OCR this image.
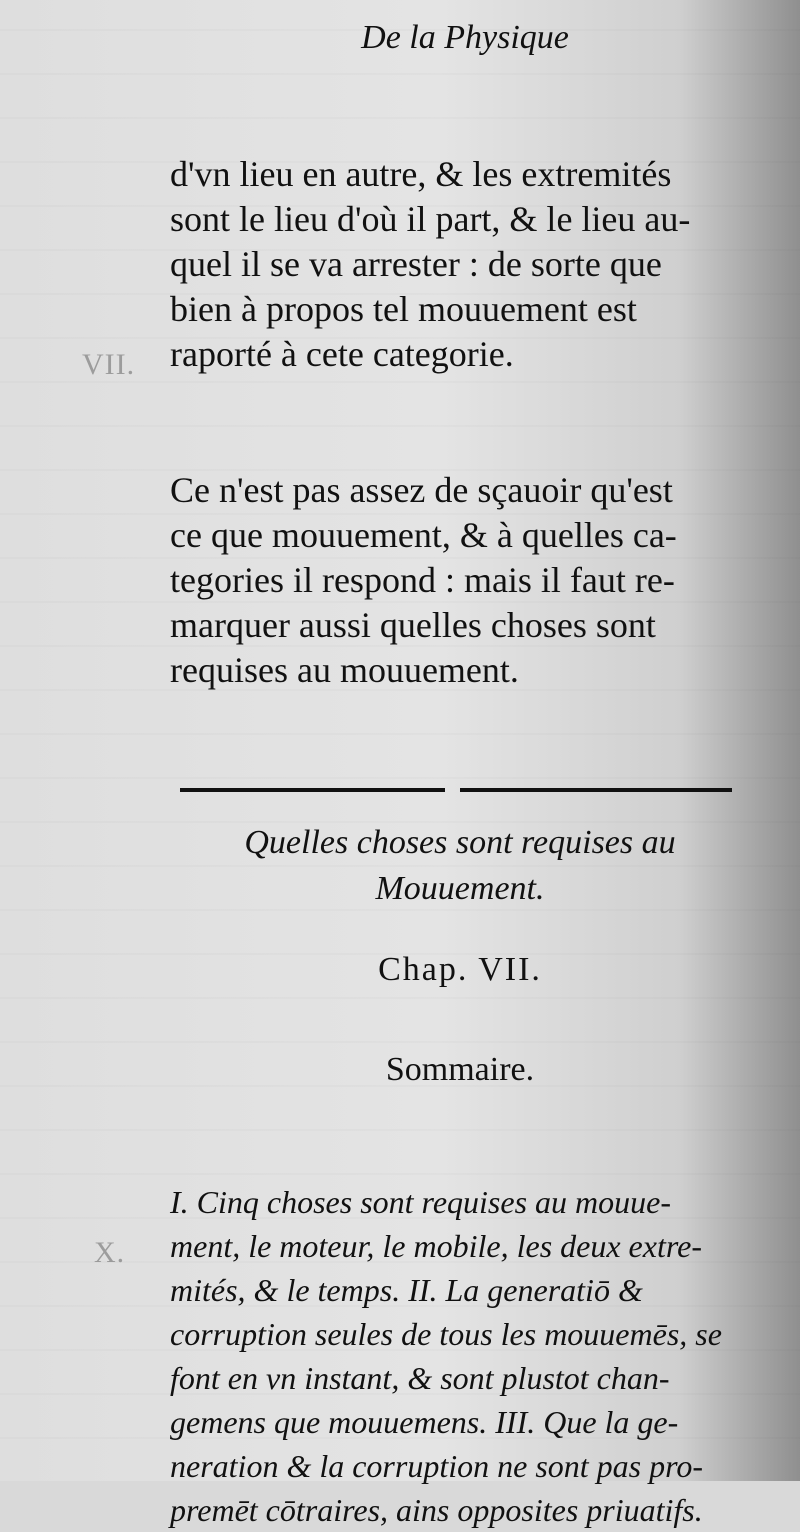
VII.
X.
De la Physique

d'vn lieu en autre, & les extremités
sont le lieu d'où il part, & le lieu au-
quel il se va arrester : de sorte que
bien à propos tel mouuement est
raporté à cete categorie.

Ce n'est pas assez de sçauoir qu'est
ce que mouuement, & à quelles ca-
tegories il respond : mais il faut re-
marquer aussi quelles choses sont
requises au mouuement.

Quelles choses sont requises au
Mouuement.
Chap. VII.
Sommaire.

I. Cinq choses sont requises au mouue-
ment, le moteur, le mobile, les deux extre-
mités, & le temps. II. La generatiō &
corruption seules de tous les mouuemēs, se
font en vn instant, & sont plustot chan-
gemens que mouuemens. III. Que la ge-
neration & la corruption ne sont pas pro-
premēt cōtraires, ains opposites priuatifs.
